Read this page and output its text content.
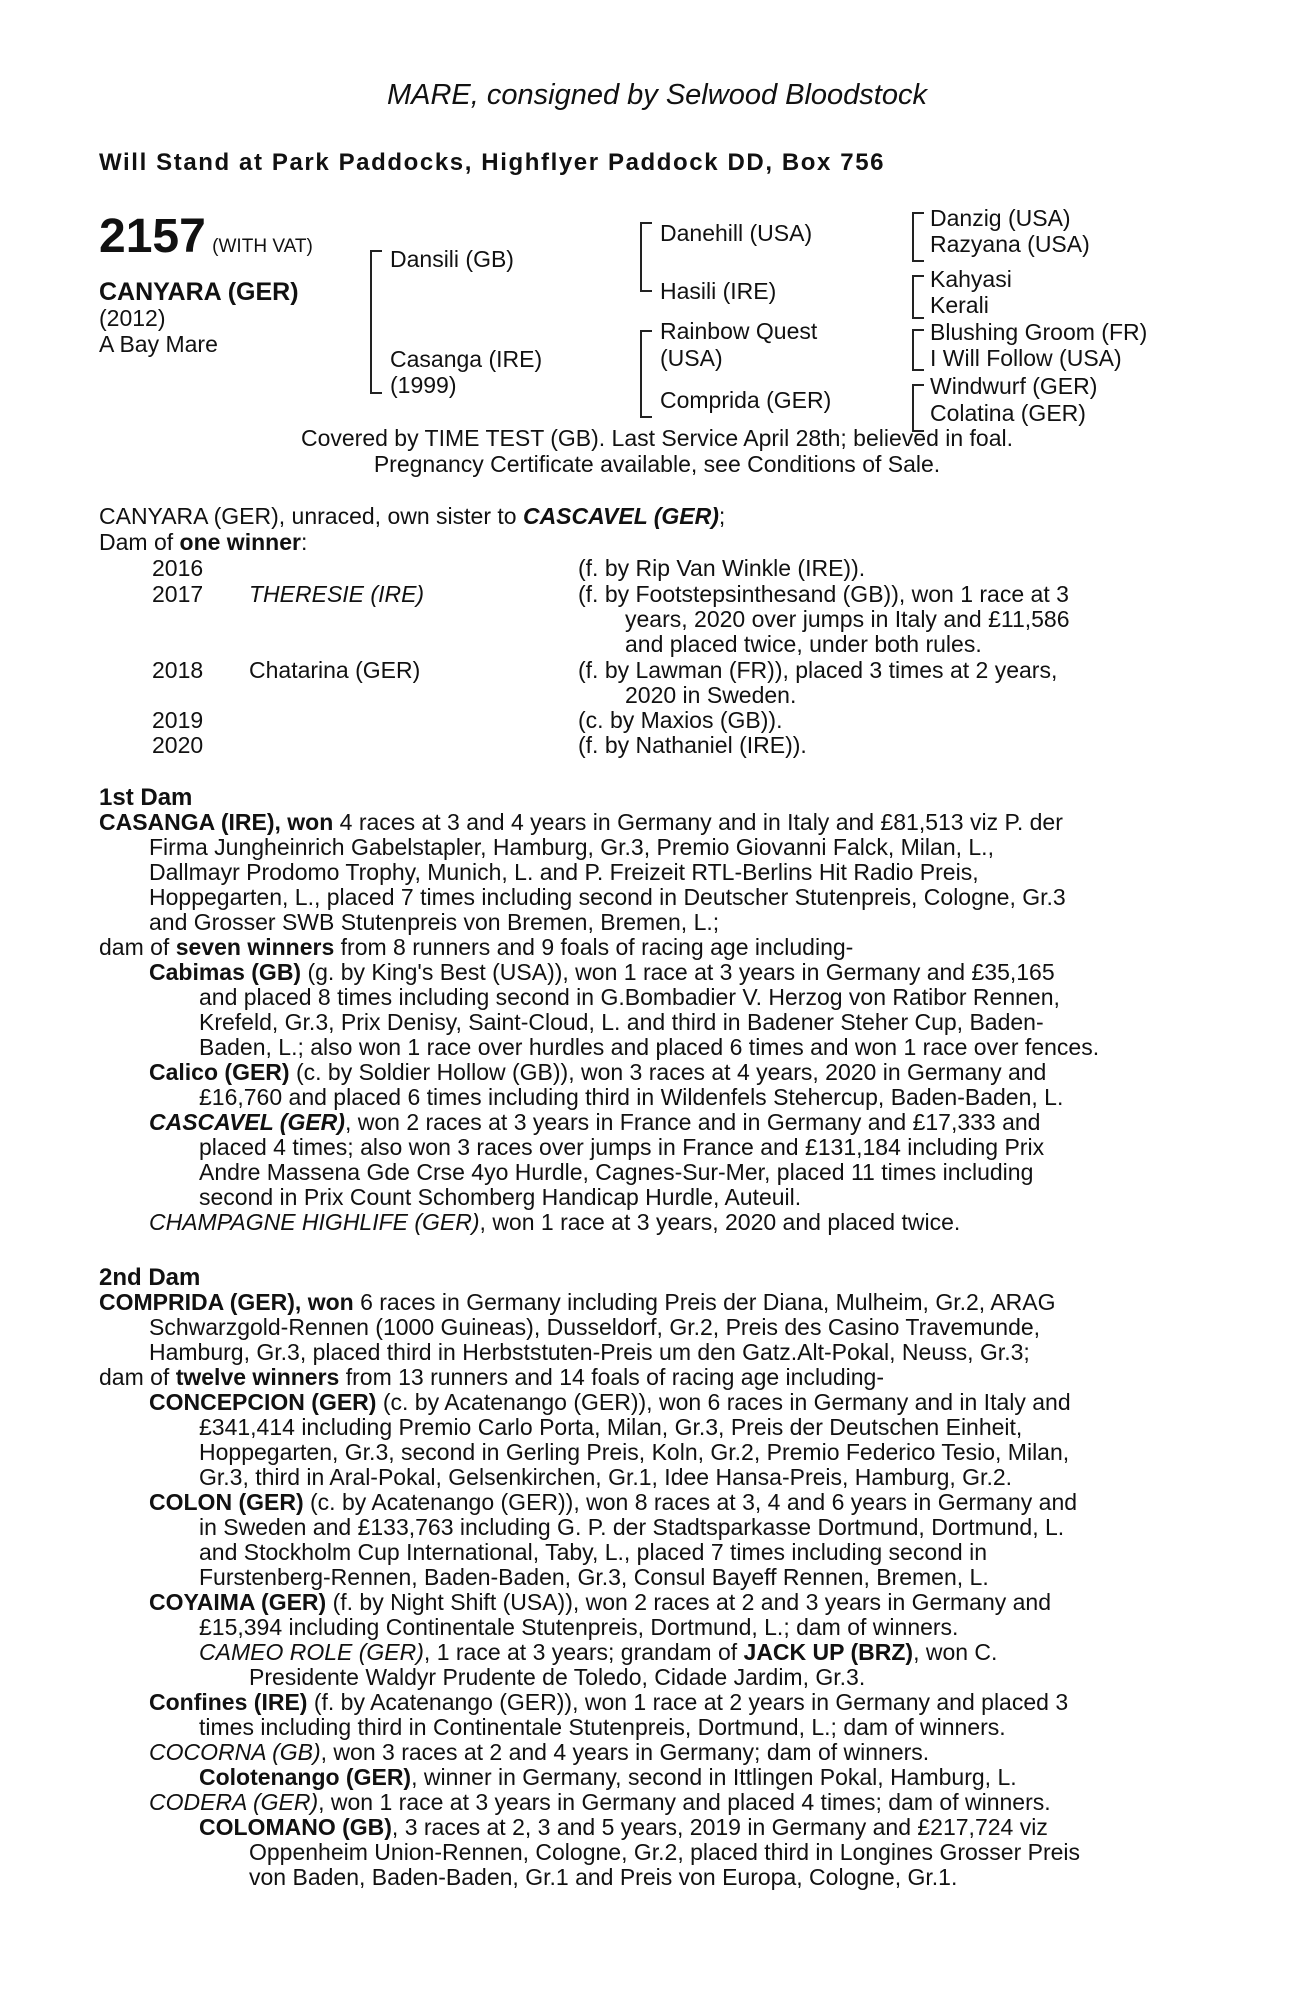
MARE, consigned by Selwood Bloodstock
Will Stand at Park Paddocks, Highflyer Paddock DD, Box 756
2157 (WITH VAT)
CANYARA (GER)
(2012)
A Bay Mare
Dansili (GB)
Casanga (IRE)
(1999)
Danehill (USA)
Hasili (IRE)
Rainbow Quest
(USA)
Comprida (GER)
Danzig (USA)
Razyana (USA)
Kahyasi
Kerali
Blushing Groom (FR)
I Will Follow (USA)
Windwurf (GER)
Colatina (GER)
Covered by TIME TEST (GB). Last Service April 28th; believed in foal.
Pregnancy Certificate available, see Conditions of Sale.
CANYARA (GER), unraced, own sister to CASCAVEL (GER);
Dam of one winner:
2016	(f. by Rip Van Winkle (IRE)).
2017 THERESIE (IRE)	(f. by Footstepsinthesand (GB)), won 1 race at 3
years, 2020 over jumps in Italy and £11,586
and placed twice, under both rules.
2018 Chatarina (GER)	(f. by Lawman (FR)), placed 3 times at 2 years,
2020 in Sweden.
2019	(c. by Maxios (GB)).
2020	(f. by Nathaniel (IRE)).
1st Dam
CASANGA (IRE), won 4 races at 3 and 4 years in Germany and in Italy and £81,513 viz P. der
Firma Jungheinrich Gabelstapler, Hamburg, Gr.3, Premio Giovanni Falck, Milan, L.,
Dallmayr Prodomo Trophy, Munich, L. and P. Freizeit RTL-Berlins Hit Radio Preis,
Hoppegarten, L., placed 7 times including second in Deutscher Stutenpreis, Cologne, Gr.3
and Grosser SWB Stutenpreis von Bremen, Bremen, L.;
dam of seven winners from 8 runners and 9 foals of racing age including-
Cabimas (GB) (g. by King's Best (USA)), won 1 race at 3 years in Germany and £35,165
and placed 8 times including second in G.Bombadier V. Herzog von Ratibor Rennen,
Krefeld, Gr.3, Prix Denisy, Saint-Cloud, L. and third in Badener Steher Cup, Baden-
Baden, L.; also won 1 race over hurdles and placed 6 times and won 1 race over fences.
Calico (GER) (c. by Soldier Hollow (GB)), won 3 races at 4 years, 2020 in Germany and
£16,760 and placed 6 times including third in Wildenfels Stehercup, Baden-Baden, L.
CASCAVEL (GER), won 2 races at 3 years in France and in Germany and £17,333 and
placed 4 times; also won 3 races over jumps in France and £131,184 including Prix
Andre Massena Gde Crse 4yo Hurdle, Cagnes-Sur-Mer, placed 11 times including
second in Prix Count Schomberg Handicap Hurdle, Auteuil.
CHAMPAGNE HIGHLIFE (GER), won 1 race at 3 years, 2020 and placed twice.
2nd Dam
COMPRIDA (GER), won 6 races in Germany including Preis der Diana, Mulheim, Gr.2, ARAG
Schwarzgold-Rennen (1000 Guineas), Dusseldorf, Gr.2, Preis des Casino Travemunde,
Hamburg, Gr.3, placed third in Herbststuten-Preis um den Gatz.Alt-Pokal, Neuss, Gr.3;
dam of twelve winners from 13 runners and 14 foals of racing age including-
CONCEPCION (GER) (c. by Acatenango (GER)), won 6 races in Germany and in Italy and
£341,414 including Premio Carlo Porta, Milan, Gr.3, Preis der Deutschen Einheit,
Hoppegarten, Gr.3, second in Gerling Preis, Koln, Gr.2, Premio Federico Tesio, Milan,
Gr.3, third in Aral-Pokal, Gelsenkirchen, Gr.1, Idee Hansa-Preis, Hamburg, Gr.2.
COLON (GER) (c. by Acatenango (GER)), won 8 races at 3, 4 and 6 years in Germany and
in Sweden and £133,763 including G. P. der Stadtsparkasse Dortmund, Dortmund, L.
and Stockholm Cup International, Taby, L., placed 7 times including second in
Furstenberg-Rennen, Baden-Baden, Gr.3, Consul Bayeff Rennen, Bremen, L.
COYAIMA (GER) (f. by Night Shift (USA)), won 2 races at 2 and 3 years in Germany and
£15,394 including Continentale Stutenpreis, Dortmund, L.; dam of winners.
CAMEO ROLE (GER), 1 race at 3 years; grandam of JACK UP (BRZ), won C.
Presidente Waldyr Prudente de Toledo, Cidade Jardim, Gr.3.
Confines (IRE) (f. by Acatenango (GER)), won 1 race at 2 years in Germany and placed 3
times including third in Continentale Stutenpreis, Dortmund, L.; dam of winners.
COCORNA (GB), won 3 races at 2 and 4 years in Germany; dam of winners.
Colotenango (GER), winner in Germany, second in Ittlingen Pokal, Hamburg, L.
CODERA (GER), won 1 race at 3 years in Germany and placed 4 times; dam of winners.
COLOMANO (GB), 3 races at 2, 3 and 5 years, 2019 in Germany and £217,724 viz
Oppenheim Union-Rennen, Cologne, Gr.2, placed third in Longines Grosser Preis
von Baden, Baden-Baden, Gr.1 and Preis von Europa, Cologne, Gr.1.
